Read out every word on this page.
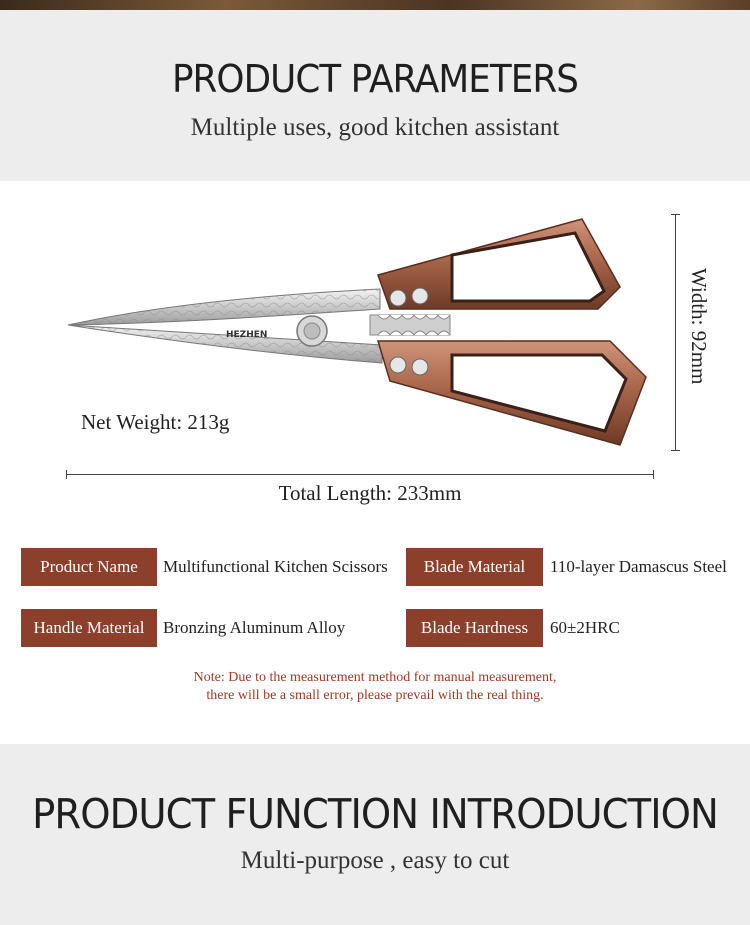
PRODUCT PARAMETERS

Multiple uses, good kitchen assistant

HEZHEN	Width: 92mm
Net Weight: 213g
Total Length: 233mm
Product Name	Multifunctional Kitchen Scissors	Blade Material	110-layer Damascus Steel
Handle Material	Bronzing Aluminum Alloy	Blade Hardness	60±2HRC

Note: Due to the measurement method for manual measurement,

there will be a small error, please prevail with the real thing.

PRODUCT FUNCTION INTRODUCTION

Multi-purpose , easy to cut
